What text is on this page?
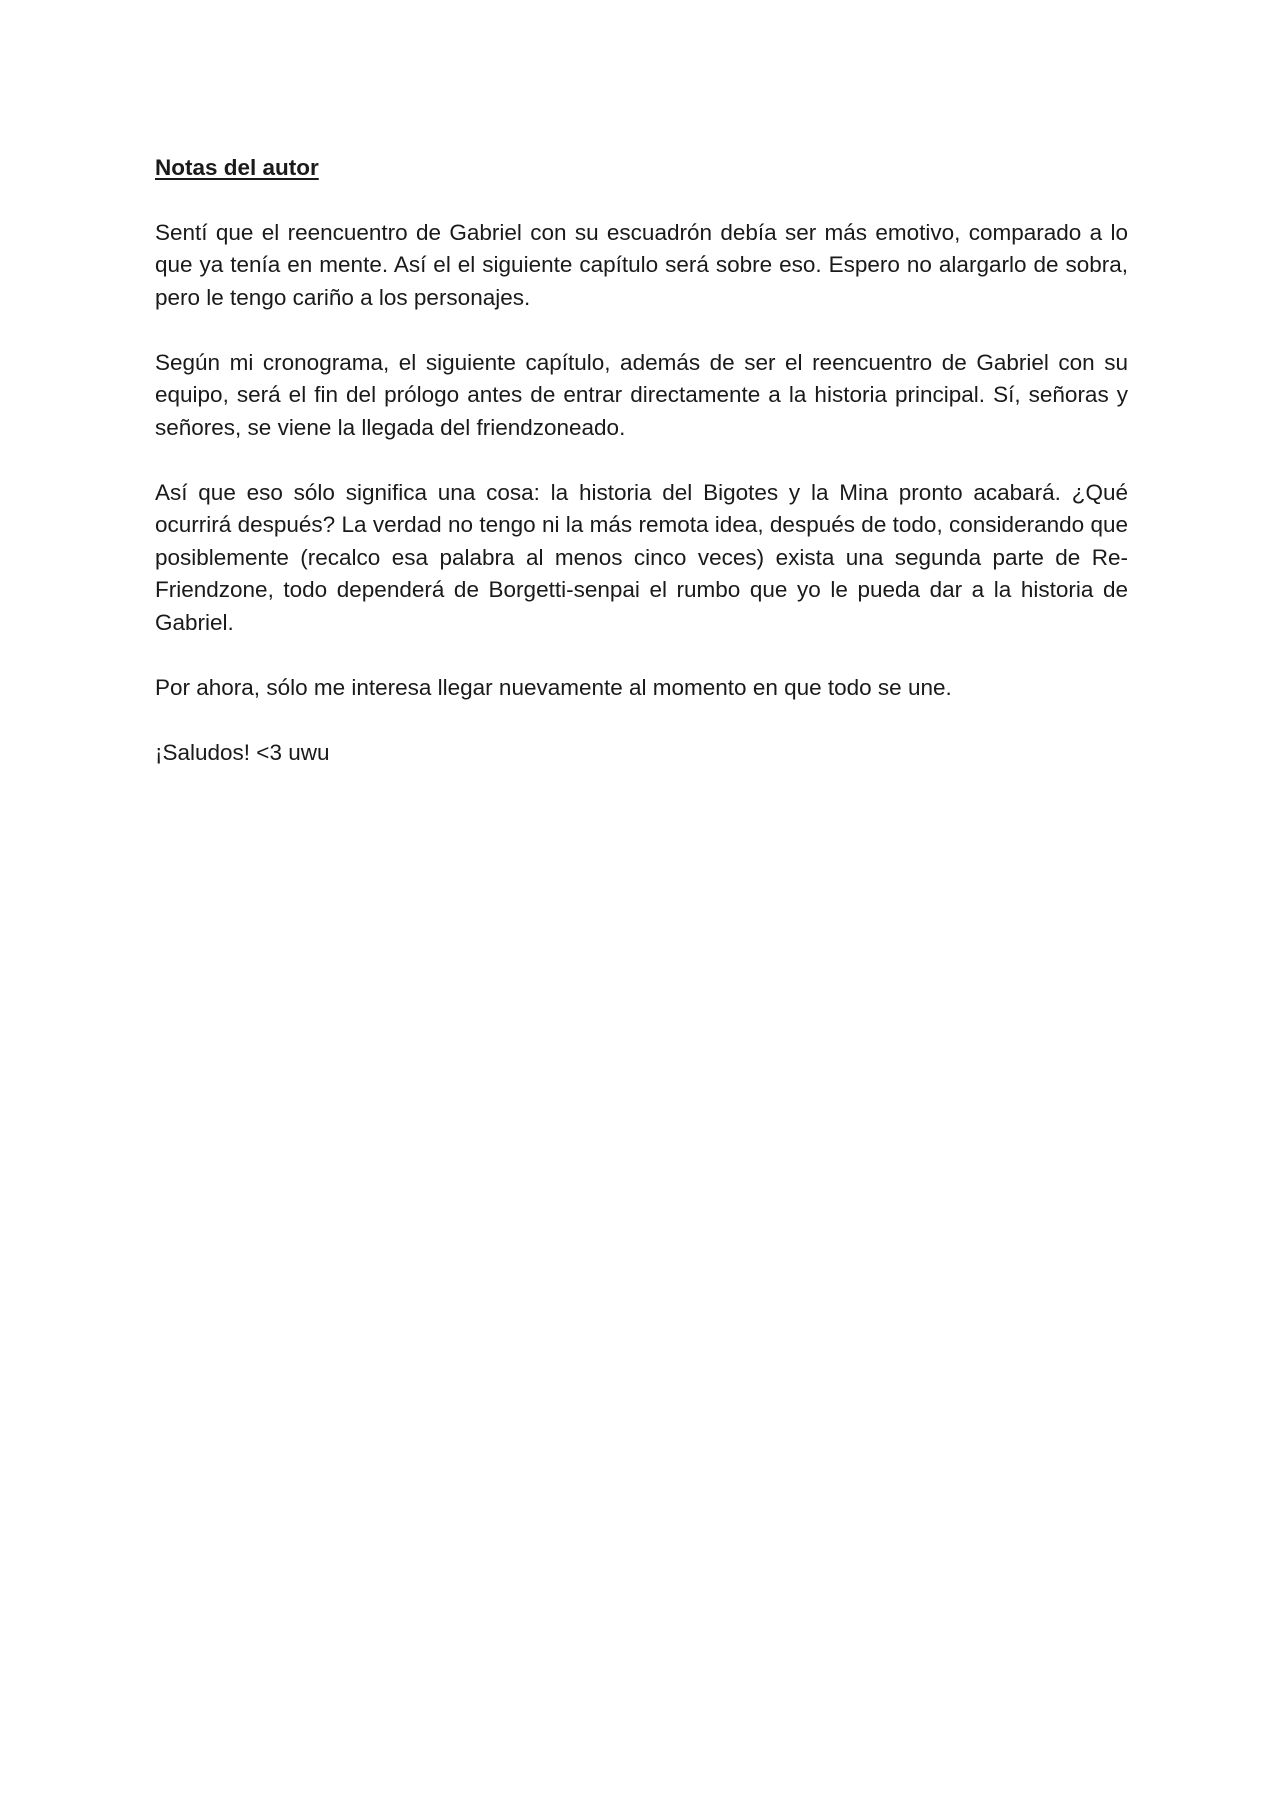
Notas del autor

Sentí que el reencuentro de Gabriel con su escuadrón debía ser más emotivo, comparado a lo que ya tenía en mente. Así el el siguiente capítulo será sobre eso. Espero no alargarlo de sobra, pero le tengo cariño a los personajes.

Según mi cronograma, el siguiente capítulo, además de ser el reencuentro de Gabriel con su equipo, será el fin del prólogo antes de entrar directamente a la historia principal. Sí, señoras y señores, se viene la llegada del friendzoneado.

Así que eso sólo significa una cosa: la historia del Bigotes y la Mina pronto acabará. ¿Qué ocurrirá después? La verdad no tengo ni la más remota idea, después de todo, considerando que posiblemente (recalco esa palabra al menos cinco veces) exista una segunda parte de Re-Friendzone, todo dependerá de Borgetti-senpai el rumbo que yo le pueda dar a la historia de Gabriel.

Por ahora, sólo me interesa llegar nuevamente al momento en que todo se une.

¡Saludos! <3 uwu
